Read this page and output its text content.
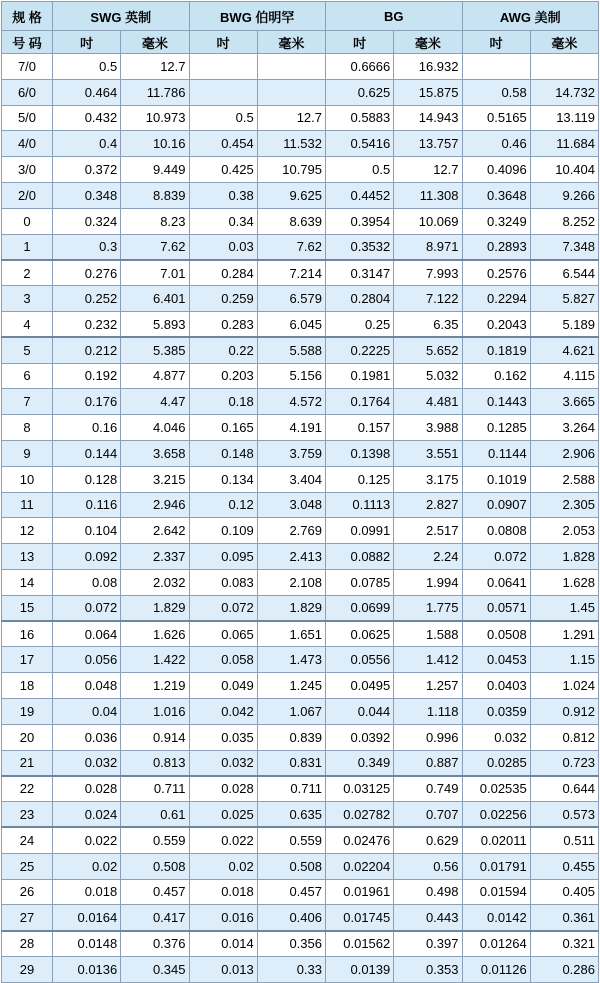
规 格	SWG 英制		BWG 伯明罕		BG		AWG 美制	
号 码	吋	毫米	吋	毫米	吋	毫米	吋	毫米
7/0	0.5	12.7			0.6666	16.932		
6/0	0.464	11.786			0.625	15.875	0.58	14.732
5/0	0.432	10.973	0.5	12.7	0.5883	14.943	0.5165	13.119
4/0	0.4	10.16	0.454	11.532	0.5416	13.757	0.46	11.684
3/0	0.372	9.449	0.425	10.795	0.5	12.7	0.4096	10.404
2/0	0.348	8.839	0.38	9.625	0.4452	11.308	0.3648	9.266
0	0.324	8.23	0.34	8.639	0.3954	10.069	0.3249	8.252
1	0.3	7.62	0.03	7.62	0.3532	8.971	0.2893	7.348
2	0.276	7.01	0.284	7.214	0.3147	7.993	0.2576	6.544
3	0.252	6.401	0.259	6.579	0.2804	7.122	0.2294	5.827
4	0.232	5.893	0.283	6.045	0.25	6.35	0.2043	5.189
5	0.212	5.385	0.22	5.588	0.2225	5.652	0.1819	4.621
6	0.192	4.877	0.203	5.156	0.1981	5.032	0.162	4.115
7	0.176	4.47	0.18	4.572	0.1764	4.481	0.1443	3.665
8	0.16	4.046	0.165	4.191	0.157	3.988	0.1285	3.264
9	0.144	3.658	0.148	3.759	0.1398	3.551	0.1144	2.906
10	0.128	3.215	0.134	3.404	0.125	3.175	0.1019	2.588
11	0.116	2.946	0.12	3.048	0.1113	2.827	0.0907	2.305
12	0.104	2.642	0.109	2.769	0.0991	2.517	0.0808	2.053
13	0.092	2.337	0.095	2.413	0.0882	2.24	0.072	1.828
14	0.08	2.032	0.083	2.108	0.0785	1.994	0.0641	1.628
15	0.072	1.829	0.072	1.829	0.0699	1.775	0.0571	1.45
16	0.064	1.626	0.065	1.651	0.0625	1.588	0.0508	1.291
17	0.056	1.422	0.058	1.473	0.0556	1.412	0.0453	1.15
18	0.048	1.219	0.049	1.245	0.0495	1.257	0.0403	1.024
19	0.04	1.016	0.042	1.067	0.044	1.118	0.0359	0.912
20	0.036	0.914	0.035	0.839	0.0392	0.996	0.032	0.812
21	0.032	0.813	0.032	0.831	0.349	0.887	0.0285	0.723
22	0.028	0.711	0.028	0.711	0.03125	0.749	0.02535	0.644
23	0.024	0.61	0.025	0.635	0.02782	0.707	0.02256	0.573
24	0.022	0.559	0.022	0.559	0.02476	0.629	0.02011	0.511
25	0.02	0.508	0.02	0.508	0.02204	0.56	0.01791	0.455
26	0.018	0.457	0.018	0.457	0.01961	0.498	0.01594	0.405
27	0.0164	0.417	0.016	0.406	0.01745	0.443	0.0142	0.361
28	0.0148	0.376	0.014	0.356	0.01562	0.397	0.01264	0.321
29	0.0136	0.345	0.013	0.33	0.0139	0.353	0.01126	0.286
